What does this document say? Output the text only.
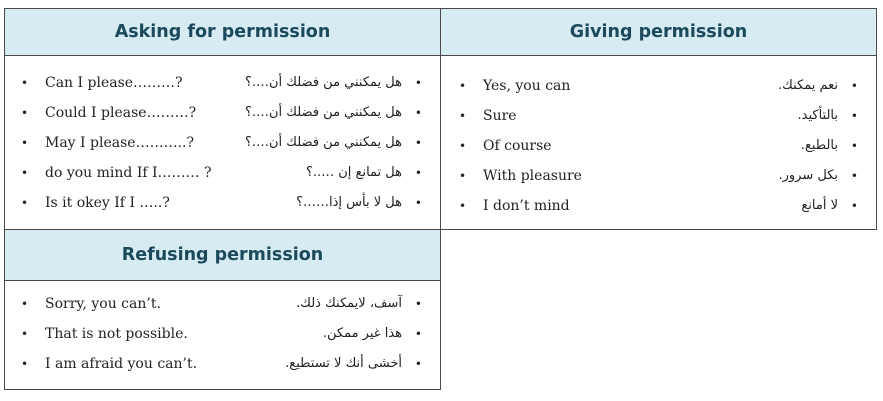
Asking for permission
• Can I please………?	هل يمكنني من فضلك أن….؟ •
• Could I please………?	هل يمكنني من فضلك أن….؟ •
• May I please………..?	هل يمكنني من فضلك أن….؟ •
• do you mind If I……… ?	هل تمانع إن …..؟ •
• Is it okey If I …..?	هل لا بأس إذا……؟ •
Giving permission
• Yes, you can	نعم يمكنك. •
• Sure	بالتأكيد. •
• Of course	بالطبع. •
• With pleasure	بكل سرور. •
• I don’t mind	لا أمانع •
Refusing permission
• Sorry, you can’t.	آسف، لايمكنك ذلك. •
• That is not possible.	هذا غير ممكن. •
• I am afraid you can’t.	أخشى أنك لا تستطيع. •
